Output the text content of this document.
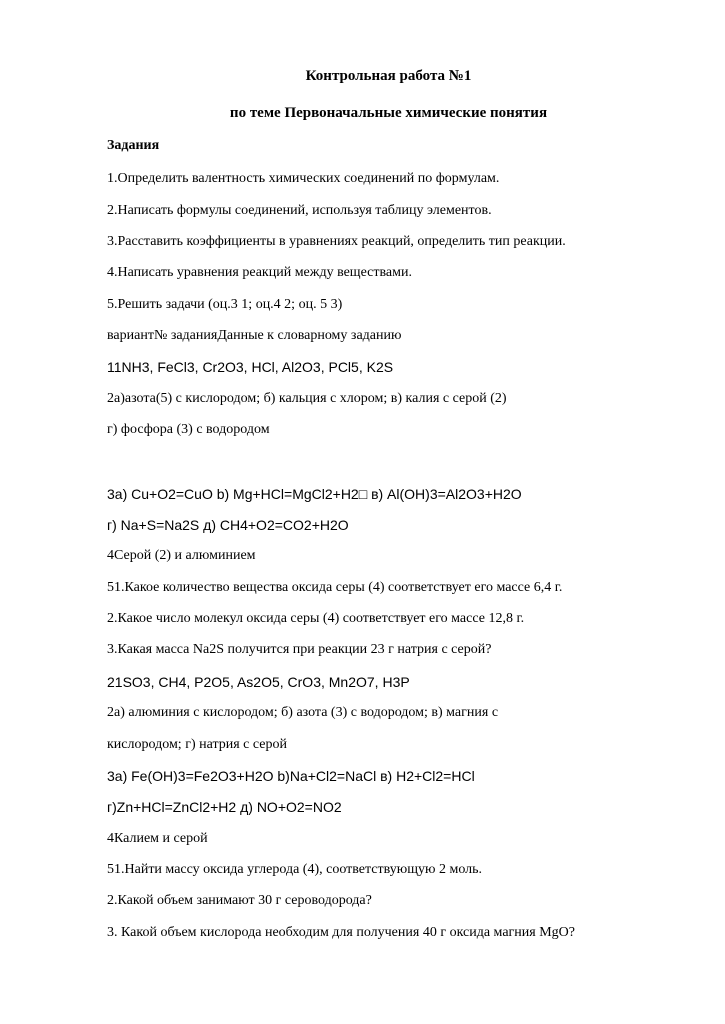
Контрольная работа №1
по теме Первоначальные химические понятия
Задания
1.Определить валентность химических соединений по формулам.
2.Написать формулы соединений, используя таблицу элементов.
3.Расставить коэффициенты в уравнениях реакций, определить тип реакции.
4.Написать уравнения реакций между веществами.
5.Решить задачи (оц.3 1; оц.4 2; оц. 5 3)
вариант№ заданияДанные к словарному заданию
11NH3, FeCl3, Cr2O3, HCl, Al2O3, PCl5, K2S
2а)азота(5) с кислородом; б) кальция с хлором; в) калия с серой (2)
г) фосфора (3) с водородом
3а) Cu+O2=CuO b) Mg+HCl=MgCl2+H2□ в) Al(OH)3=Al2O3+H2O
г) Na+S=Na2S д) CH4+O2=CO2+H2O
4Серой (2) и алюминием
51.Какое количество вещества оксида серы (4) соответствует его массе 6,4 г.
2.Какое число молекул оксида серы (4) соответствует его массе 12,8 г.
3.Какая масса Na2S получится при реакции 23 г натрия с серой?
21SO3, CH4, P2O5, As2O5, CrO3, Mn2O7, H3P
2а) алюминия с кислородом; б) азота (3) с водородом; в) магния с
кислородом; г) натрия с серой
3а) Fe(OH)3=Fe2O3+H2O b)Na+Cl2=NaCl в) H2+Cl2=HCl
г)Zn+HCl=ZnCl2+H2 д) NO+O2=NO2
4Калием и серой
51.Найти массу оксида углерода (4), соответствующую 2 моль.
2.Какой объем занимают 30 г сероводорода?
3. Какой объем кислорода необходим для получения 40 г оксида магния MgO?
